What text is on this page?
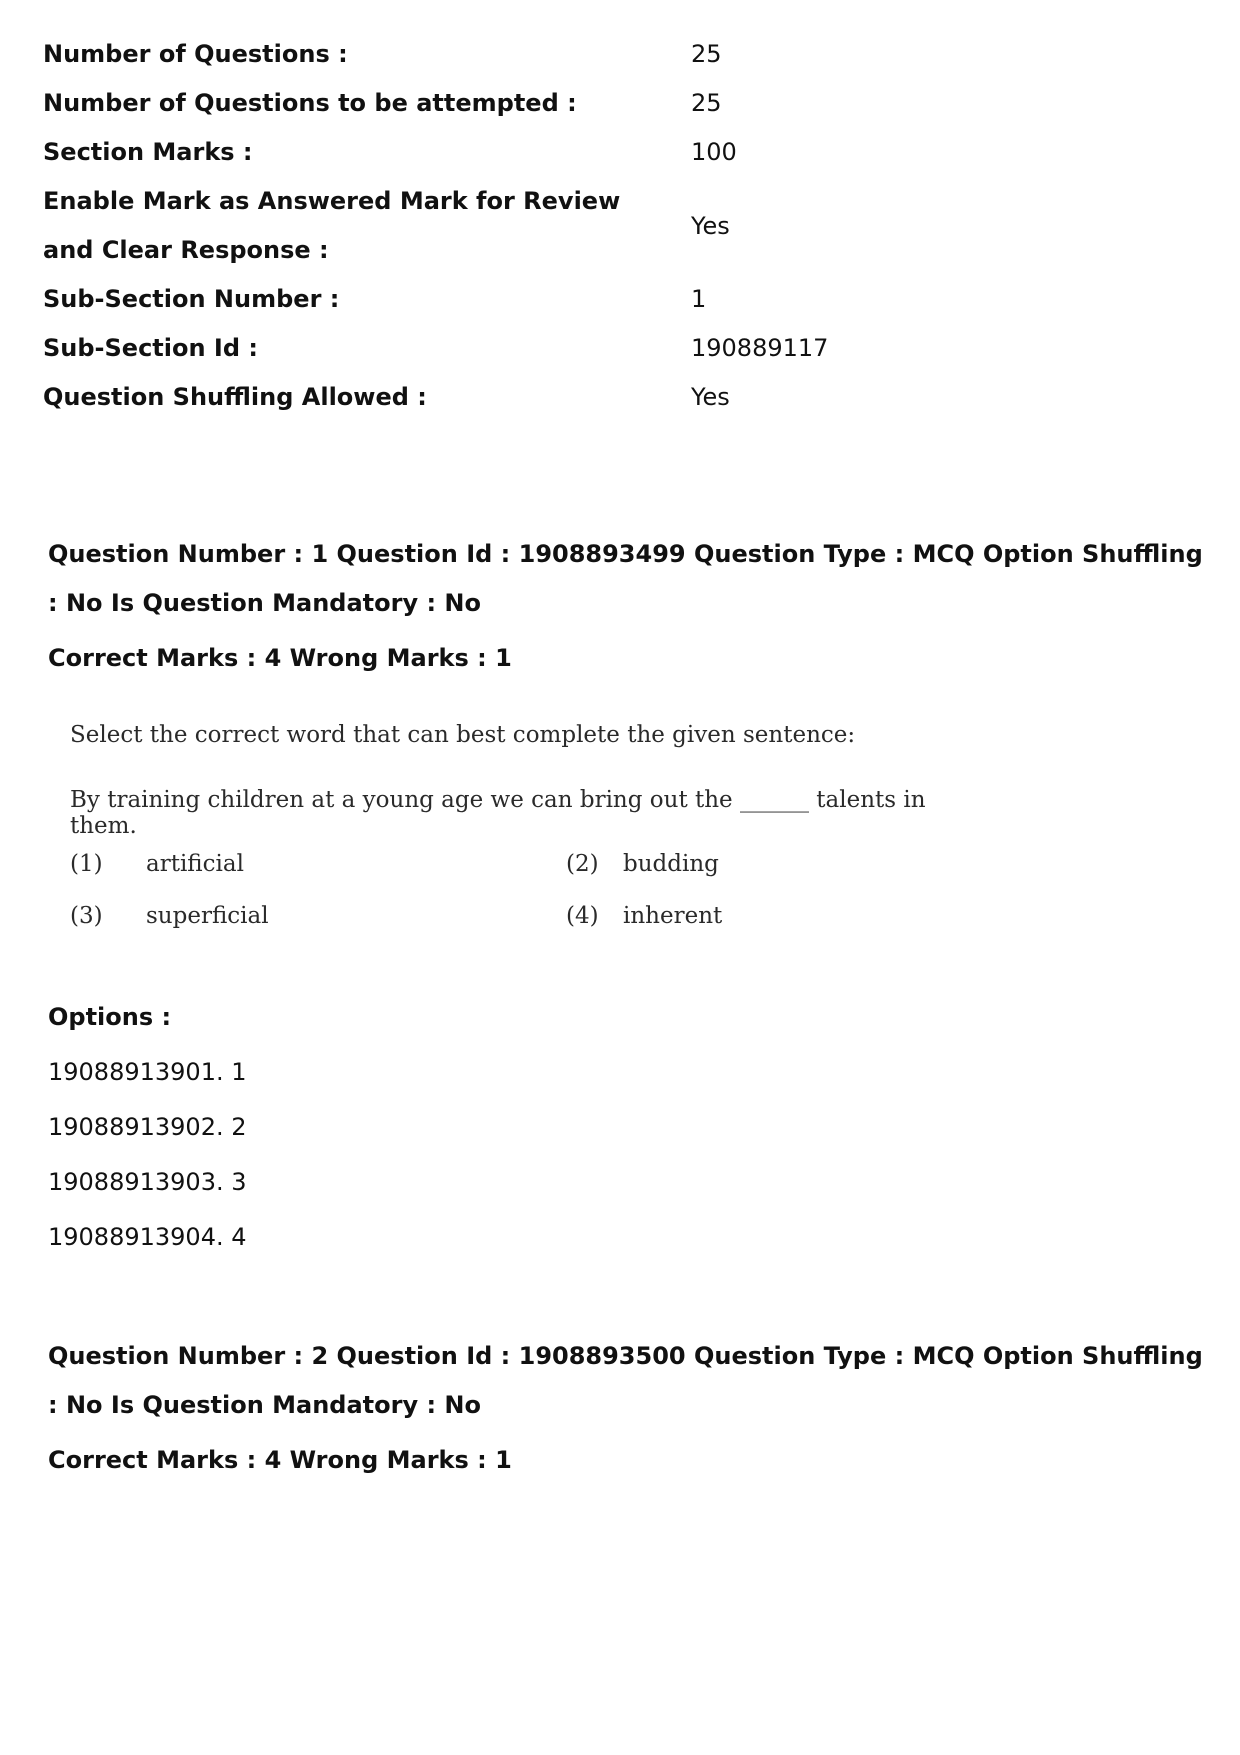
Number of Questions :	25
Number of Questions to be attempted :	25
Section Marks :	100
Enable Mark as Answered Mark for Review and Clear Response :
Yes
Sub-Section Number :	1
Sub-Section Id :	190889117
Question Shuffling Allowed :	Yes
Question Number : 1 Question Id : 1908893499 Question Type : MCQ Option Shuffling : No Is Question Mandatory : No
Correct Marks : 4 Wrong Marks : 1
Select the correct word that can best complete the given sentence:
By training children at a young age we can bring out the ______ talents in them.
(1) artificial	(2) budding
(3) superficial	(4) inherent
Options :
19088913901. 1
19088913902. 2
19088913903. 3
19088913904. 4
Question Number : 2 Question Id : 1908893500 Question Type : MCQ Option Shuffling : No Is Question Mandatory : No
Correct Marks : 4 Wrong Marks : 1
